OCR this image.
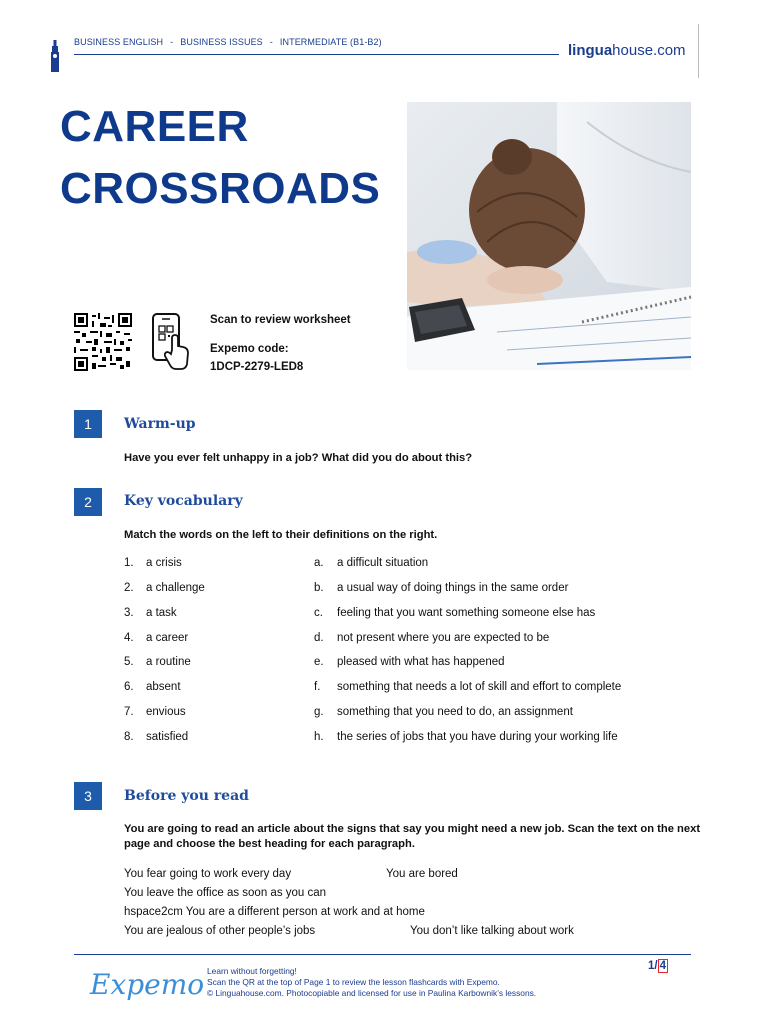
BUSINESS ENGLISH - BUSINESS ISSUES - INTERMEDIATE (B1-B2)	linguahouse.com
CAREER
CROSSROADS
Scan to review worksheet
Expemo code:
1DCP-2279-LED8
1	Warm-up
Have you ever felt unhappy in a job? What did you do about this?
2	Key vocabulary
Match the words on the left to their definitions on the right.
1. a crisis	a. a difficult situation
2. a challenge	b. a usual way of doing things in the same order
3. a task	c. feeling that you want something someone else has
4. a career	d. not present where you are expected to be
5. a routine	e. pleased with what has happened
6. absent	f. something that needs a lot of skill and effort to complete
7. envious	g. something that you need to do, an assignment
8. satisfied	h. the series of jobs that you have during your working life
3	Before you read
You are going to read an article about the signs that say you might need a new job. Scan the text on the next page and choose the best heading for each paragraph.
You fear going to work every day	You are bored
You leave the office as soon as you can
hspace2cm You are a different person at work and at home
You are jealous of other people’s jobs	You don’t like talking about work
Expemo Learn without forgetting!
Scan the QR at the top of Page 1 to review the lesson flashcards with Expemo.
© Linguahouse.com. Photocopiable and licensed for use in Paulina Karbownik’s lessons.
1/ 4
